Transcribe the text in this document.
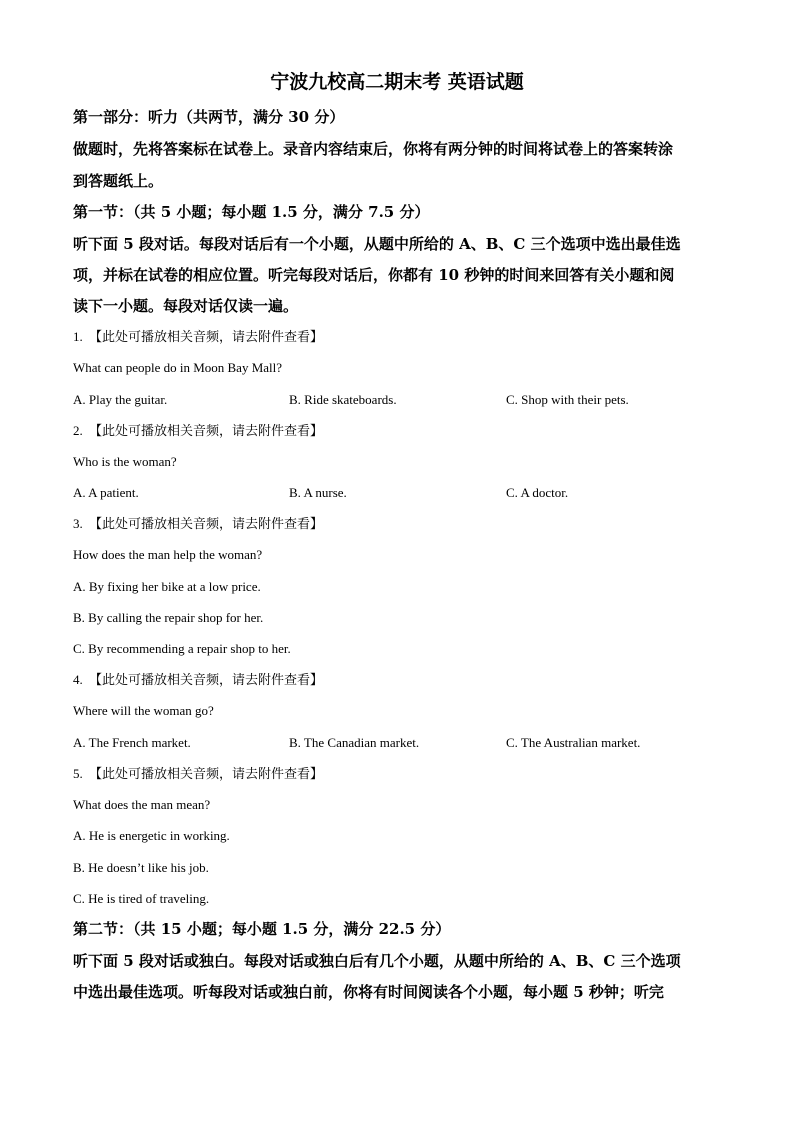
宁波九校高二期末考 英语试题
第一部分：听力（共两节，满分 30 分）
做题时，先将答案标在试卷上。录音内容结束后，你将有两分钟的时间将试卷上的答案转涂
到答题纸上。
第一节：（共 5 小题；每小题 1.5 分，满分 7.5 分）
听下面 5 段对话。每段对话后有一个小题，从题中所给的 A、B、C 三个选项中选出最佳选
项，并标在试卷的相应位置。听完每段对话后，你都有 10 秒钟的时间来回答有关小题和阅
读下一小题。每段对话仅读一遍。
1. 【此处可播放相关音频，请去附件查看】
What can people do in Moon Bay Mall?
A. Play the guitar.	B. Ride skateboards.	C. Shop with their pets.
2. 【此处可播放相关音频，请去附件查看】
Who is the woman?
A. A patient.	B. A nurse.	C. A doctor.
3. 【此处可播放相关音频，请去附件查看】
How does the man help the woman?
A. By fixing her bike at a low price.
B. By calling the repair shop for her.
C. By recommending a repair shop to her.
4. 【此处可播放相关音频，请去附件查看】
Where will the woman go?
A. The French market.	B. The Canadian market.	C. The Australian market.
5. 【此处可播放相关音频，请去附件查看】
What does the man mean?
A. He is energetic in working.
B. He doesn’t like his job.
C. He is tired of traveling.
第二节：（共 15 小题；每小题 1.5 分，满分 22.5 分）
听下面 5 段对话或独白。每段对话或独白后有几个小题，从题中所给的 A、B、C 三个选项
中选出最佳选项。听每段对话或独白前，你将有时间阅读各个小题，每小题 5 秒钟；听完
